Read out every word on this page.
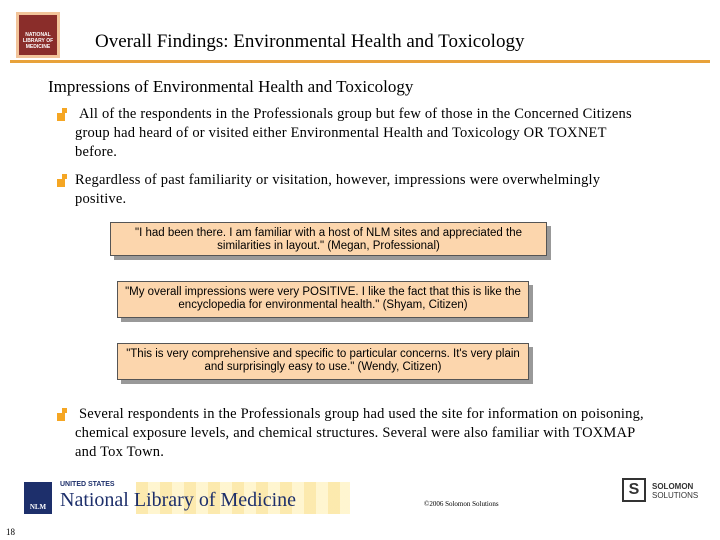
NATIONAL LIBRARY OF MEDICINE	Overall Findings: Environmental Health and Toxicology
Impressions of Environmental Health and Toxicology
All of the respondents in the Professionals group but few of those in the Concerned Citizens group had heard of or visited either Environmental Health and Toxicology OR TOXNET before.
Regardless of past familiarity or visitation, however, impressions were overwhelmingly positive.
"I had been there. I am familiar with a host of NLM sites and appreciated the similarities in layout." (Megan, Professional)
"My overall impressions were very POSITIVE. I like the fact that this is like the encyclopedia for environmental health." (Shyam, Citizen)
"This is very comprehensive and specific to particular concerns. It's very plain and surprisingly easy to use." (Wendy, Citizen)
Several respondents in the Professionals group had used the site for information on poisoning, chemical exposure levels, and chemical structures. Several were also familiar with TOXMAP and Tox Town.
NLM
UNITED STATES
National Library of Medicine	©2006 Solomon Solutions
S	SOLOMON
SOLUTIONS
18
